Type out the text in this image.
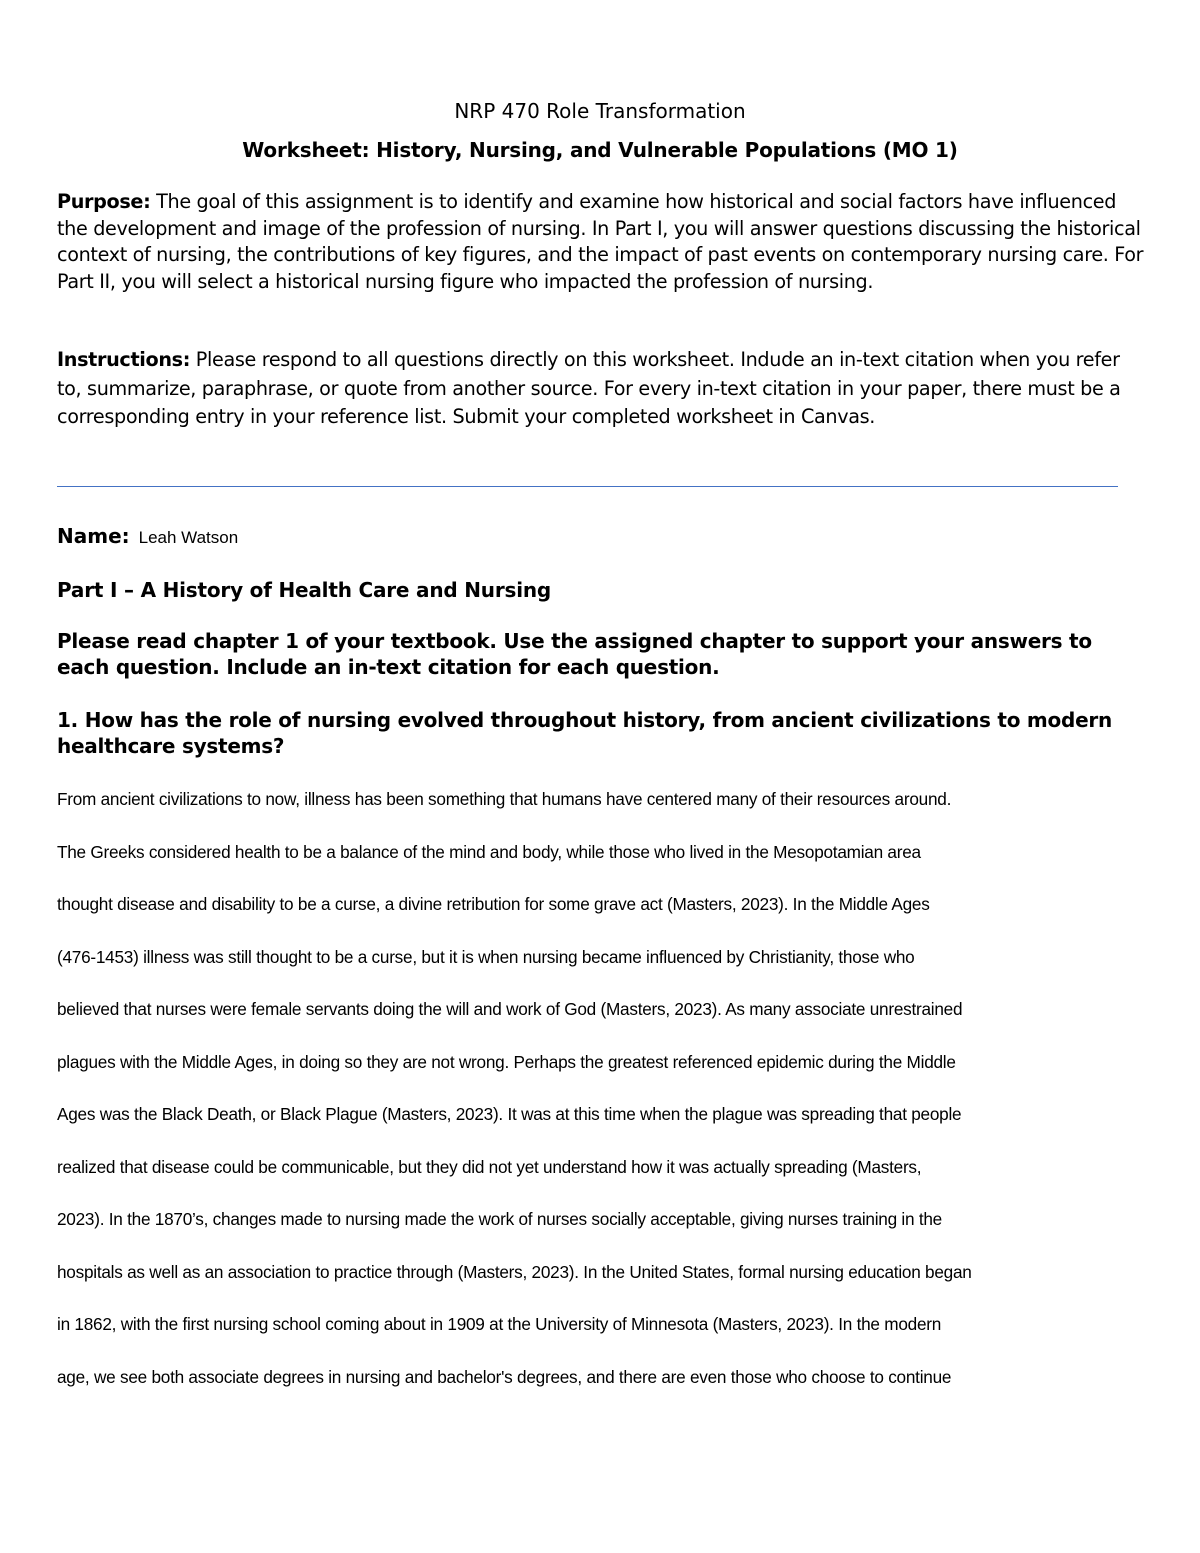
NRP 470 Role Transformation
Worksheet: History, Nursing, and Vulnerable Populations (MO 1)
Purpose: The goal of this assignment is to identify and examine how historical and social factors have influenced the development and image of the profession of nursing. In Part I, you will answer questions discussing the historical context of nursing, the contributions of key figures, and the impact of past events on contemporary nursing care. For Part II, you will select a historical nursing figure who impacted the profession of nursing.
Instructions: Please respond to all questions directly on this worksheet. Indude an in-text citation when you refer to, summarize, paraphrase, or quote from another source. For every in-text citation in your paper, there must be a corresponding entry in your reference list. Submit your completed worksheet in Canvas.
Name: Leah Watson
Part I – A History of Health Care and Nursing
Please read chapter 1 of your textbook. Use the assigned chapter to support your answers to each question. Include an in-text citation for each question.
1. How has the role of nursing evolved throughout history, from ancient civilizations to modern healthcare systems?
From ancient civilizations to now, illness has been something that humans have centered many of their resources around.
The Greeks considered health to be a balance of the mind and body, while those who lived in the Mesopotamian area
thought disease and disability to be a curse, a divine retribution for some grave act (Masters, 2023). In the Middle Ages
(476-1453) illness was still thought to be a curse, but it is when nursing became influenced by Christianity, those who
believed that nurses were female servants doing the will and work of God (Masters, 2023). As many associate unrestrained
plagues with the Middle Ages, in doing so they are not wrong. Perhaps the greatest referenced epidemic during the Middle
Ages was the Black Death, or Black Plague (Masters, 2023). It was at this time when the plague was spreading that people
realized that disease could be communicable, but they did not yet understand how it was actually spreading (Masters,
2023). In the 1870’s, changes made to nursing made the work of nurses socially acceptable, giving nurses training in the
hospitals as well as an association to practice through (Masters, 2023). In the United States, formal nursing education began
in 1862, with the first nursing school coming about in 1909 at the University of Minnesota (Masters, 2023). In the modern
age, we see both associate degrees in nursing and bachelor's degrees, and there are even those who choose to continue
